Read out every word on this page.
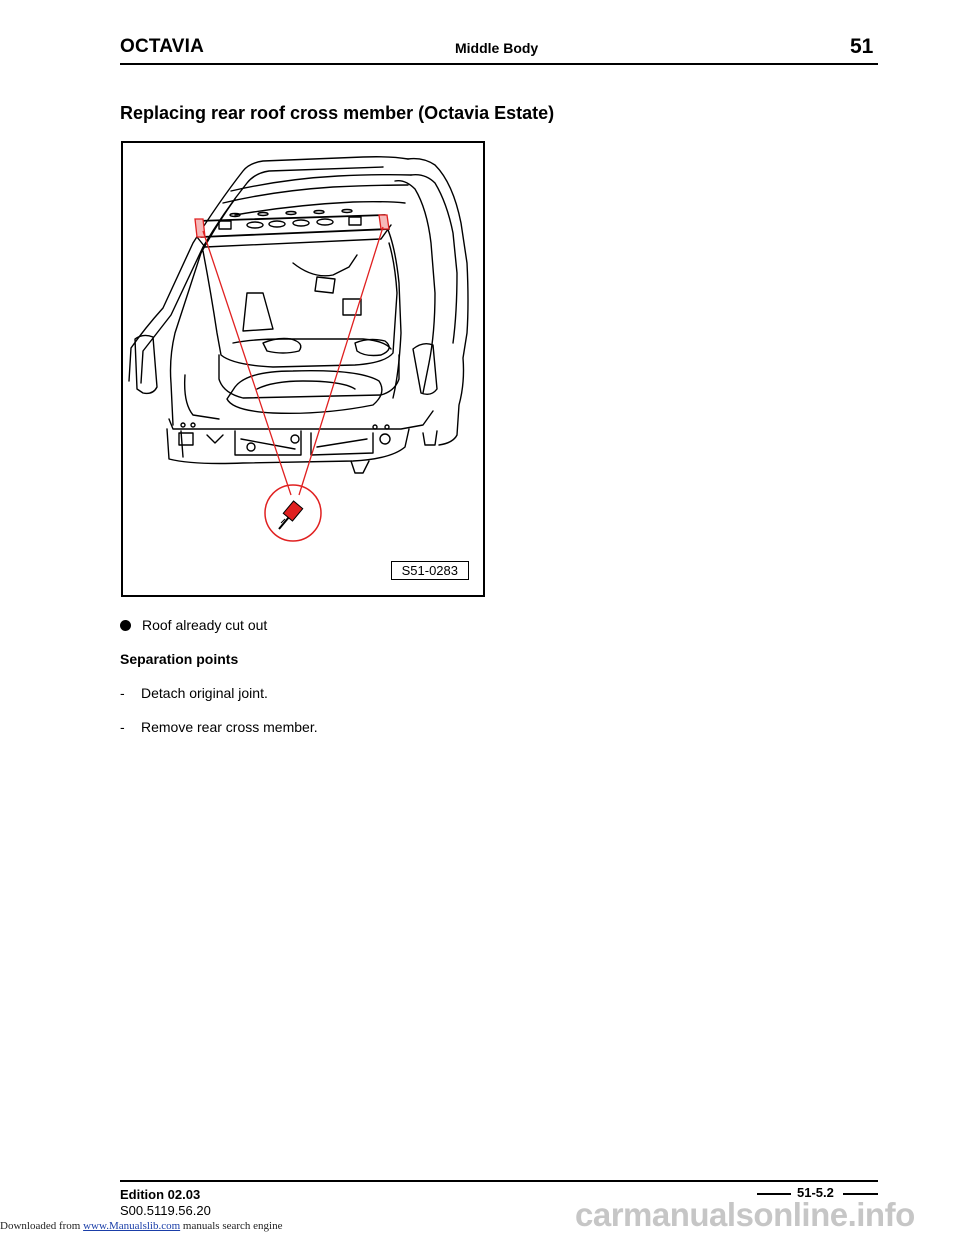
OCTAVIA	Middle Body	51
Replacing rear roof cross member (Octavia Estate)
S51-0283
Roof already cut out
Separation points
-	Detach original joint.
-	Remove rear cross member.
Edition 02.03
S00.5119.56.20
51-5.2
carmanualsonline.info
Downloaded from www.Manualslib.com manuals search engine
